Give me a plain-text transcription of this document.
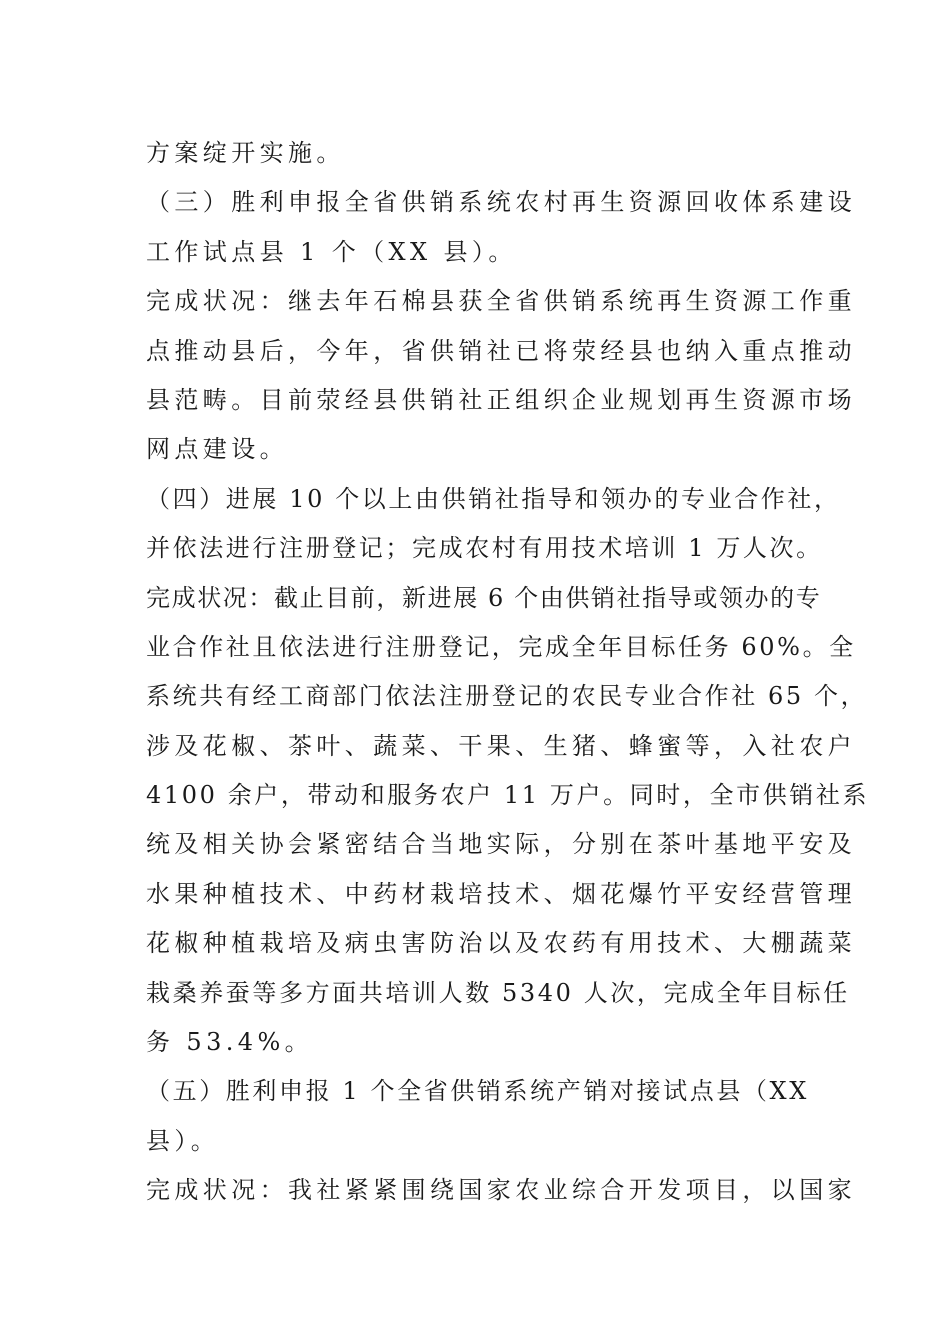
方案绽开实施。
（三）胜利申报全省供销系统农村再生资源回收体系建设
工作试点县 1 个（XX 县）。
完成状况：继去年石棉县获全省供销系统再生资源工作重
点推动县后，今年，省供销社已将荥经县也纳入重点推动
县范畴。目前荥经县供销社正组织企业规划再生资源市场
网点建设。
（四）进展 10 个以上由供销社指导和领办的专业合作社，
并依法进行注册登记；完成农村有用技术培训 1 万人次。
完成状况：截止目前，新进展 6 个由供销社指导或领办的专
业合作社且依法进行注册登记，完成全年目标任务 60%。全
系统共有经工商部门依法注册登记的农民专业合作社 65 个，
涉及花椒、茶叶、蔬菜、干果、生猪、蜂蜜等，入社农户
4100 余户，带动和服务农户 11 万户。同时，全市供销社系
统及相关协会紧密结合当地实际，分别在茶叶基地平安及
水果种植技术、中药材栽培技术、烟花爆竹平安经营管理
花椒种植栽培及病虫害防治以及农药有用技术、大棚蔬菜
栽桑养蚕等多方面共培训人数 5340 人次，完成全年目标任
务 53.4%。
（五）胜利申报 1 个全省供销系统产销对接试点县（XX
县）。
完成状况：我社紧紧围绕国家农业综合开发项目，以国家
